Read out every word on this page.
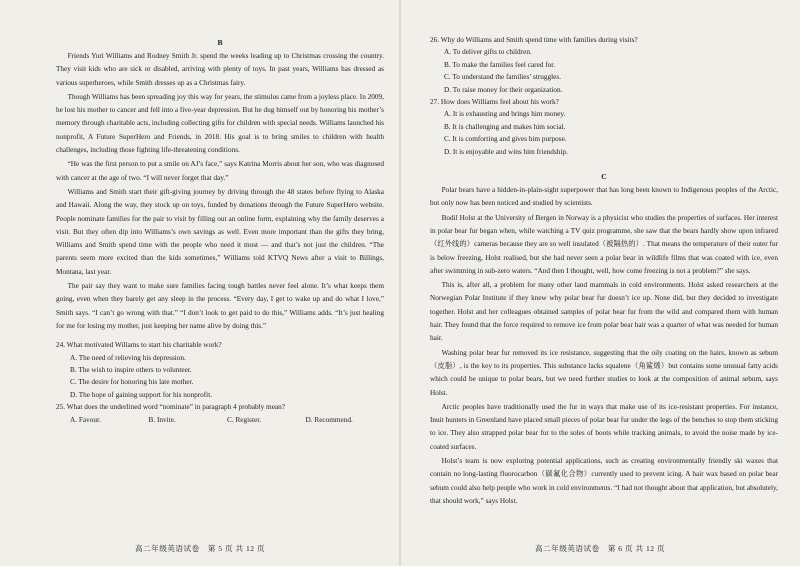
B

Friends Yuri Williams and Rodney Smith Jr. spend the weeks leading up to Christmas crossing the country. They visit kids who are sick or disabled, arriving with plenty of toys. In past years, Williams has dressed as various superheroes, while Smith dresses up as a Christmas fairy.

Though Williams has been spreading joy this way for years, the stimulus came from a joyless place. In 2009, he lost his mother to cancer and fell into a five-year depression. But he dug himself out by honoring his mother’s memory through charitable acts, including collecting gifts for children with special needs. Williams launched his nonprofit, A Future SuperHero and Friends, in 2018. His goal is to bring smiles to children with health challenges, including those fighting life-threatening conditions.

“He was the first person to put a smile on AJ’s face,” says Katrina Morris about her son, who was diagnosed with cancer at the age of two. “I will never forget that day.”

Williams and Smith start their gift-giving journey by driving through the 48 states before flying to Alaska and Hawaii. Along the way, they stock up on toys, funded by donations through the Future SuperHero website. People nominate families for the pair to visit by filling out an online form, explaining why the family deserves a visit. But they often dip into Williams’s own savings as well. Even more important than the gifts they bring, Williams and Smith spend time with the people who need it most — and that’s not just the children. “The parents seem more excited than the kids sometimes,” Williams told KTVQ News after a visit to Billings, Montana, last year.

The pair say they want to make sure families facing tough battles never feel alone. It’s what keeps them going, even when they barely get any sleep in the process. “Every day, I get to wake up and do what I love,” Smith says. “I can’t go wrong with that.” “I don’t look to get paid to do this,” Williams adds. “It’s just healing for me for losing my mother, just keeping her name alive by doing this.”

24. What motivated Willams to start his charitable work?

A. The need of relieving his depression.

B. The wish to inspire others to volunteer.

C. The desire for honoring his late mother.

D. The hope of gaining support for his nonprofit.

25. What does the underlined word “nominate” in paragraph 4 probably mean?

A. Favour.	B. Invite.	C. Register.	D. Recommend.
高二年级英语试卷　第 5 页 共 12 页

26. Why do Williams and Smith spend time with families during visits?

A. To deliver gifts to children.

B. To make the families feel cared for.

C. To understand the families’ struggles.

D. To raise money for their organization.

27. How does Williams feel about his work?

A. It is exhausting and brings him money.

B. It is challenging and makes him social.

C. It is comforting and gives him purpose.

D. It is enjoyable and wins him friendship.

C

Polar bears have a hidden-in-plain-sight superpower that has long been known to Indigenous peoples of the Arctic, but only now has been noticed and studied by scientists.

Bodil Holst at the University of Bergen in Norway is a physicist who studies the properties of surfaces. Her interest in polar bear fur began when, while watching a TV quiz programme, she saw that the bears hardly show upon infrared（红外线的）cameras because they are so well insulated（被隔热的）. That means the temperature of their outer fur is below freezing, Holst realised, but she had never seen a polar bear in wildlife films that was coated with ice, even after swimming in sub-zero waters. “And then I thought, well, how come freezing is not a problem?” she says.

This is, after all, a problem for many other land mammals in cold environments. Holst asked researchers at the Norwegian Polar Institute if they knew why polar bear fur doesn’t ice up. None did, but they decided to investigate together. Holst and her colleagues obtained samples of polar bear fur from the wild and compared them with human hair. They found that the force required to remove ice from polar bear hair was a quarter of what was needed for human hair.

Washing polar bear fur removed its ice resistance, suggesting that the oily coating on the hairs, known as sebum（皮脂）, is the key to its properties. This substance lacks squalene（角鲨烯）but contains some unusual fatty acids which could be unique to polar bears, but we need further studies to look at the composition of animal sebum, says Holst.

Arctic peoples have traditionally used the fur in ways that make use of its ice-resistant properties. For instance, Inuit hunters in Greenland have placed small pieces of polar bear fur under the legs of the benches to stop them sticking to ice. They also strapped polar bear fur to the soles of boots while tracking animals, to avoid the noise made by ice-coated surfaces.

Holst’s team is now exploring potential applications, such as creating environmentally friendly ski waxes that contain no long-lasting fluorocarbon（碳氟化合物）currently used to prevent icing. A hair wax based on polar bear sebum could also help people who work in cold environments. “I had not thought about that application, but absolutely, that should work,” says Holst.

高二年级英语试卷　第 6 页 共 12 页
